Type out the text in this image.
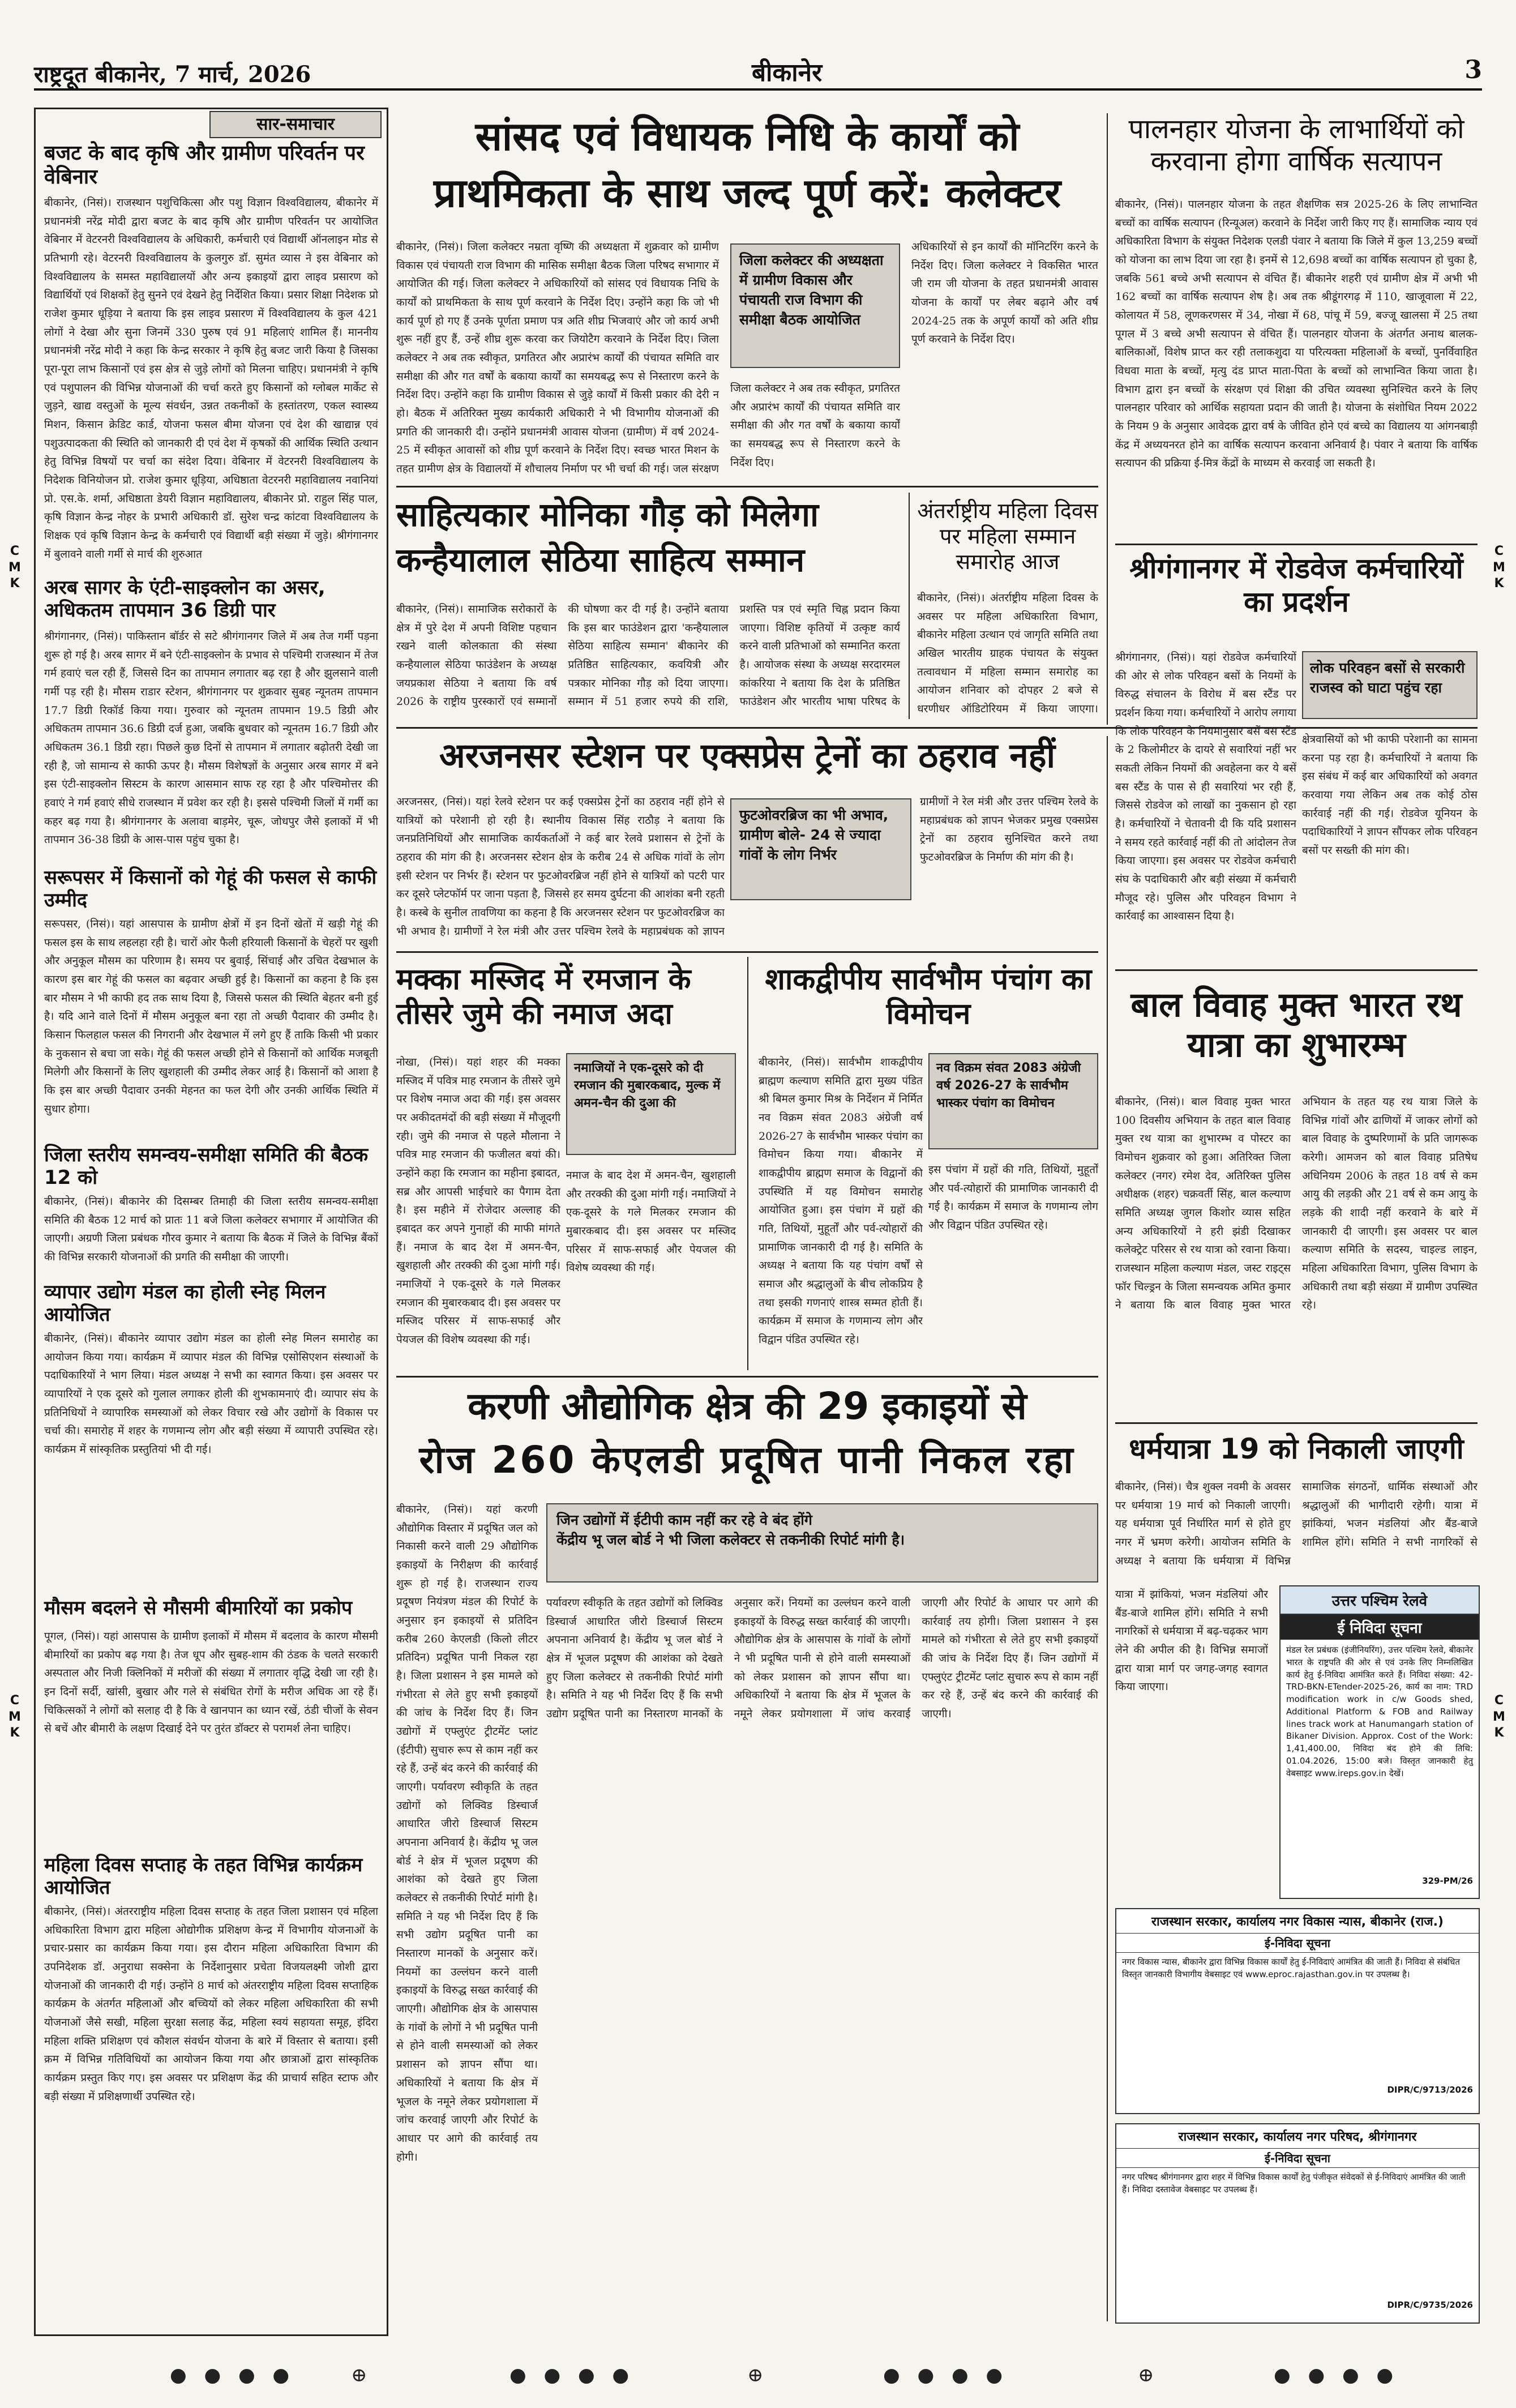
राष्ट्रदूत बीकानेर, 7 मार्च, 2026	बीकानेर	3
C
M
K
C
M
K
C
M
K
C
M
K
सार-समाचार
बजट के बाद कृषि और ग्रामीण परिवर्तन पर वेबिनार
बीकानेर, (निसं)। राजस्थान पशुचिकित्सा और पशु विज्ञान विश्वविद्यालय, बीकानेर में प्रधानमंत्री नरेंद्र मोदी द्वारा बजट के बाद कृषि और ग्रामीण परिवर्तन पर आयोजित वेबिनार में वेटरनरी विश्वविद्यालय के अधिकारी, कर्मचारी एवं विद्यार्थी ऑनलाइन मोड से प्रतिभागी रहे। वेटरनरी विश्वविद्यालय के कुलगुरु डॉ. सुमंत व्यास ने इस वेबिनार को विश्वविद्यालय के समस्त महाविद्यालयों और अन्य इकाइयों द्वारा लाइव प्रसारण को विद्यार्थियों एवं शिक्षकों हेतु सुनने एवं देखने हेतु निर्देशित किया। प्रसार शिक्षा निदेशक प्रो राजेश कुमार धूड़िया ने बताया कि इस लाइव प्रसारण में विश्वविद्यालय के कुल 421 लोगों ने देखा और सुना जिनमें 330 पुरुष एवं 91 महिलाएं शामिल हैं। माननीय प्रधानमंत्री नरेंद्र मोदी ने कहा कि केन्द्र सरकार ने कृषि हेतु बजट जारी किया है जिसका पूरा-पूरा लाभ किसानों एवं इस क्षेत्र से जुड़े लोगों को मिलना चाहिए। प्रधानमंत्री ने कृषि एवं पशुपालन की विभिन्न योजनाओं की चर्चा करते हुए किसानों को ग्लोबल मार्केट से जुड़ने, खाद्य वस्तुओं के मूल्य संवर्धन, उन्नत तकनीकों के हस्तांतरण, एकल स्वास्थ्य मिशन, किसान क्रेडिट कार्ड, योजना फसल बीमा योजना एवं देश की खाद्यान्न एवं पशुउत्पादकता की स्थिति को जानकारी दी एवं देश में कृषकों की आर्थिक स्थिति उत्थान हेतु विभिन्न विषयों पर चर्चा का संदेश दिया। वेबिनार में वेटरनरी विश्वविद्यालय के निदेशक विनियोजन प्रो. राजेश कुमार धूड़िया, अधिष्ठाता वेटरनरी महाविद्यालय नवानियां प्रो. एस.के. शर्मा, अधिष्ठाता डेयरी विज्ञान महाविद्यालय, बीकानेर प्रो. राहुल सिंह पाल, कृषि विज्ञान केन्द्र नोहर के प्रभारी अधिकारी डॉ. सुरेश चन्द्र कांटवा विश्वविद्यालय के शिक्षक एवं कृषि विज्ञान केन्द्र के कर्मचारी एवं विद्यार्थी बड़ी संख्या में जुड़े। श्रीगंगानगर में बुलावने वाली गर्मी से मार्च की शुरुआत
अरब सागर के एंटी-साइक्लोन का असर, अधिकतम तापमान 36 डिग्री पार
श्रीगंगानगर, (निसं)। पाकिस्तान बॉर्डर से सटे श्रीगंगानगर जिले में अब तेज गर्मी पड़ना शुरू हो गई है। अरब सागर में बने एंटी-साइक्लोन के प्रभाव से पश्चिमी राजस्थान में तेज गर्म हवाएं चल रही हैं, जिससे दिन का तापमान लगातार बढ़ रहा है और झुलसाने वाली गर्मी पड़ रही है। मौसम राडार स्टेशन, श्रीगंगानगर पर शुक्रवार सुबह न्यूनतम तापमान 17.7 डिग्री रिकॉर्ड किया गया। गुरुवार को न्यूनतम तापमान 19.5 डिग्री और अधिकतम तापमान 36.6 डिग्री दर्ज हुआ, जबकि बुधवार को न्यूनतम 16.7 डिग्री और अधिकतम 36.1 डिग्री रहा। पिछले कुछ दिनों से तापमान में लगातार बढ़ोतरी देखी जा रही है, जो सामान्य से काफी ऊपर है। मौसम विशेषज्ञों के अनुसार अरब सागर में बने इस एंटी-साइक्लोन सिस्टम के कारण आसमान साफ रह रहा है और पश्चिमोत्तर की हवाएं ने गर्म हवाएं सीधे राजस्थान में प्रवेश कर रही है। इससे पश्चिमी जिलों में गर्मी का कहर बढ़ गया है। श्रीगंगानगर के अलावा बाड़मेर, चूरू, जोधपुर जैसे इलाकों में भी तापमान 36-38 डिग्री के आस-पास पहुंच चुका है।
सरूपसर में किसानों को गेहूं की फसल से काफी उम्मीद
सरूपसर, (निसं)। यहां आसपास के ग्रामीण क्षेत्रों में इन दिनों खेतों में खड़ी गेहूं की फसल इस के साथ लहलहा रही है। चारों ओर फैली हरियाली किसानों के चेहरों पर खुशी और अनुकूल मौसम का परिणाम है। समय पर बुवाई, सिंचाई और उचित देखभाल के कारण इस बार गेहूं की फसल का बढ़वार अच्छी हुई है। किसानों का कहना है कि इस बार मौसम ने भी काफी हद तक साथ दिया है, जिससे फसल की स्थिति बेहतर बनी हुई है। यदि आने वाले दिनों में मौसम अनुकूल बना रहा तो अच्छी पैदावार की उम्मीद है। किसान फिलहाल फसल की निगरानी और देखभाल में लगे हुए हैं ताकि किसी भी प्रकार के नुकसान से बचा जा सके। गेहूं की फसल अच्छी होने से किसानों को आर्थिक मजबूती मिलेगी और किसानों के लिए खुशहाली की उम्मीद लेकर आई है। किसानों को आशा है कि इस बार अच्छी पैदावार उनकी मेहनत का फल देगी और उनकी आर्थिक स्थिति में सुधार होगा।
जिला स्तरीय समन्वय-समीक्षा समिति की बैठक 12 को
बीकानेर, (निसं)। बीकानेर की दिसम्बर तिमाही की जिला स्तरीय समन्वय-समीक्षा समिति की बैठक 12 मार्च को प्रातः 11 बजे जिला कलेक्टर सभागार में आयोजित की जाएगी। अग्रणी जिला प्रबंधक गौरव कुमार ने बताया कि बैठक में जिले के विभिन्न बैंकों की विभिन्न सरकारी योजनाओं की प्रगति की समीक्षा की जाएगी।
व्यापार उद्योग मंडल का होली स्नेह मिलन आयोजित
बीकानेर, (निसं)। बीकानेर व्यापार उद्योग मंडल का होली स्नेह मिलन समारोह का आयोजन किया गया। कार्यक्रम में व्यापार मंडल की विभिन्न एसोसिएशन संस्थाओं के पदाधिकारियों ने भाग लिया। मंडल अध्यक्ष ने सभी का स्वागत किया। इस अवसर पर व्यापारियों ने एक दूसरे को गुलाल लगाकर होली की शुभकामनाएं दी। व्यापार संघ के प्रतिनिधियों ने व्यापारिक समस्याओं को लेकर विचार रखे और उद्योगों के विकास पर चर्चा की। समारोह में शहर के गणमान्य लोग और बड़ी संख्या में व्यापारी उपस्थित रहे। कार्यक्रम में सांस्कृतिक प्रस्तुतियां भी दी गई।
मौसम बदलने से मौसमी बीमारियों का प्रकोप
पूगल, (निसं)। यहां आसपास के ग्रामीण इलाकों में मौसम में बदलाव के कारण मौसमी बीमारियों का प्रकोप बढ़ गया है। तेज धूप और सुबह-शाम की ठंडक के चलते सरकारी अस्पताल और निजी क्लिनिकों में मरीजों की संख्या में लगातार वृद्धि देखी जा रही है। इन दिनों सर्दी, खांसी, बुखार और गले से संबंधित रोगों के मरीज अधिक आ रहे हैं। चिकित्सकों ने लोगों को सलाह दी है कि वे खानपान का ध्यान रखें, ठंडी चीजों के सेवन से बचें और बीमारी के लक्षण दिखाई देने पर तुरंत डॉक्टर से परामर्श लेना चाहिए।
महिला दिवस सप्ताह के तहत विभिन्न कार्यक्रम आयोजित
बीकानेर, (निसं)। अंतरराष्ट्रीय महिला दिवस सप्ताह के तहत जिला प्रशासन एवं महिला अधिकारिता विभाग द्वारा महिला ओद्योगीक प्रशिक्षण केन्द्र में विभागीय योजनाओं के प्रचार-प्रसार का कार्यक्रम किया गया। इस दौरान महिला अधिकारिता विभाग की उपनिदेशक डॉ. अनुराधा सक्सेना के निर्देशानुसार प्रचेता विजयलक्ष्मी जोशी द्वारा योजनाओं की जानकारी दी गई। उन्होंने 8 मार्च को अंतरराष्ट्रीय महिला दिवस सप्ताहिक कार्यक्रम के अंतर्गत महिलाओं और बच्चियों को लेकर महिला अधिकारिता की सभी योजनाओं जैसे सखी, महिला सुरक्षा सलाह केंद्र, महिला स्वयं सहायता समूह, इंदिरा महिला शक्ति प्रशिक्षण एवं कौशल संवर्धन योजना के बारे में विस्तार से बताया। इसी क्रम में विभिन्न गतिविधियों का आयोजन किया गया और छात्राओं द्वारा सांस्कृतिक कार्यक्रम प्रस्तुत किए गए। इस अवसर पर प्रशिक्षण केंद्र की प्राचार्य सहित स्टाफ और बड़ी संख्या में प्रशिक्षणार्थी उपस्थित रहे।
सांसद एवं विधायक निधि के कार्यों को
प्राथमिकता के साथ जल्द पूर्ण करें: कलेक्टर
बीकानेर, (निसं)। जिला कलेक्टर नम्रता वृष्णि की अध्यक्षता में शुक्रवार को ग्रामीण विकास एवं पंचायती राज विभाग की मासिक समीक्षा बैठक जिला परिषद सभागार में आयोजित की गई। जिला कलेक्टर ने अधिकारियों को सांसद एवं विधायक निधि के कार्यों को प्राथमिकता के साथ पूर्ण करवाने के निर्देश दिए। उन्होंने कहा कि जो भी कार्य पूर्ण हो गए हैं उनके पूर्णता प्रमाण पत्र अति शीघ्र भिजवाएं और जो कार्य अभी शुरू नहीं हुए हैं, उन्हें शीघ्र शुरू करवा कर जियोटैग करवाने के निर्देश दिए। जिला कलेक्टर ने अब तक स्वीकृत, प्रगतिरत और अप्रारंभ कार्यों की पंचायत समिति वार समीक्षा की और गत वर्षों के बकाया कार्यों का समयबद्ध रूप से निस्तारण करने के निर्देश दिए। उन्होंने कहा कि ग्रामीण विकास से जुड़े कार्यों में किसी प्रकार की देरी न हो। बैठक में अतिरिक्त मुख्य कार्यकारी अधिकारी ने भी विभागीय योजनाओं की प्रगति की जानकारी दी। उन्होंने प्रधानमंत्री आवास योजना (ग्रामीण) में वर्ष 2024-25 में स्वीकृत आवासों को शीघ्र पूर्ण करवाने के निर्देश दिए। स्वच्छ भारत मिशन के तहत ग्रामीण क्षेत्र के विद्यालयों में शौचालय निर्माण पर भी चर्चा की गई। जल संरक्षण
जिला कलेक्टर की अध्यक्षता में ग्रामीण विकास और पंचायती राज विभाग की समीक्षा बैठक आयोजित
जिला कलेक्टर ने अब तक स्वीकृत, प्रगतिरत और अप्रारंभ कार्यों की पंचायत समिति वार समीक्षा की और गत वर्षों के बकाया कार्यों का समयबद्ध रूप से निस्तारण करने के निर्देश दिए।
अधिकारियों से इन कार्यों की मॉनिटरिंग करने के निर्देश दिए। जिला कलेक्टर ने विकसित भारत जी राम जी योजना के तहत प्रधानमंत्री आवास योजना के कार्यों पर लेबर बढ़ाने और वर्ष 2024-25 तक के अपूर्ण कार्यों को अति शीघ्र पूर्ण करवाने के निर्देश दिए।
पालनहार योजना के लाभार्थियों को करवाना होगा वार्षिक सत्यापन
बीकानेर, (निसं)। पालनहार योजना के तहत शैक्षणिक सत्र 2025-26 के लिए लाभान्वित बच्चों का वार्षिक सत्यापन (रिन्यूअल) करवाने के निर्देश जारी किए गए हैं। सामाजिक न्याय एवं अधिकारिता विभाग के संयुक्त निदेशक एलडी पंवार ने बताया कि जिले में कुल 13,259 बच्चों को योजना का लाभ दिया जा रहा है। इनमें से 12,698 बच्चों का वार्षिक सत्यापन हो चुका है, जबकि 561 बच्चे अभी सत्यापन से वंचित हैं। बीकानेर शहरी एवं ग्रामीण क्षेत्र में अभी भी 162 बच्चों का वार्षिक सत्यापन शेष है। अब तक श्रीडूंगरगढ़ में 110, खाजूवाला में 22, कोलायत में 58, लूणकरणसर में 34, नोखा में 68, पांचू में 59, बज्जू खालसा में 25 तथा पूगल में 3 बच्चे अभी सत्यापन से वंचित हैं। पालनहार योजना के अंतर्गत अनाथ बालक-बालिकाओं, विशेष प्राप्त कर रही तलाकशुदा या परित्यक्ता महिलाओं के बच्चों, पुनर्विवाहित विधवा माता के बच्चों, मृत्यु दंड प्राप्त माता-पिता के बच्चों को लाभान्वित किया जाता है। विभाग द्वारा इन बच्चों के संरक्षण एवं शिक्षा की उचित व्यवस्था सुनिश्चित करने के लिए पालनहार परिवार को आर्थिक सहायता प्रदान की जाती है। योजना के संशोधित नियम 2022 के नियम 9 के अनुसार आवेदक द्वारा वर्ष के जीवित होने एवं बच्चे का विद्यालय या आंगनबाड़ी केंद्र में अध्ययनरत होने का वार्षिक सत्यापन करवाना अनिवार्य है। पंवार ने बताया कि वार्षिक सत्यापन की प्रक्रिया ई-मित्र केंद्रों के माध्यम से करवाई जा सकती है।
साहित्यकार मोनिका गौड़ को मिलेगा
कन्हैयालाल सेठिया साहित्य सम्मान
बीकानेर, (निसं)। सामाजिक सरोकारों के क्षेत्र में पुरे देश में अपनी विशिष्ट पहचान रखने वाली कोलकाता की संस्था कन्हैयालाल सेठिया फाउंडेशन के अध्यक्ष जयप्रकाश सेठिया ने बताया कि वर्ष 2026 के राष्ट्रीय पुरस्कारों एवं सम्मानों की घोषणा कर दी गई है। उन्होंने बताया कि इस बार फाउंडेशन द्वारा 'कन्हैयालाल सेठिया साहित्य सम्मान' बीकानेर की प्रतिष्ठित साहित्यकार, कवयित्री और पत्रकार मोनिका गौड़ को दिया जाएगा। सम्मान में 51 हजार रुपये की राशि, प्रशस्ति पत्र एवं स्मृति चिह्न प्रदान किया जाएगा। विशिष्ट कृतियों में उत्कृष्ट कार्य करने वाली प्रतिभाओं को सम्मानित करता है। आयोजक संस्था के अध्यक्ष सरदारमल कांकरिया ने बताया कि देश के प्रतिष्ठित फाउंडेशन और भारतीय भाषा परिषद के
अंतर्राष्ट्रीय महिला दिवस पर महिला सम्मान समारोह आज
बीकानेर, (निसं)। अंतर्राष्ट्रीय महिला दिवस के अवसर पर महिला अधिकारिता विभाग, बीकानेर महिला उत्थान एवं जागृति समिति तथा अखिल भारतीय ग्राहक पंचायत के संयुक्त तत्वावधान में महिला सम्मान समारोह का आयोजन शनिवार को दोपहर 2 बजे से धरणीधर ऑडिटोरियम में किया जाएगा।
श्रीगंगानगर में रोडवेज कर्मचारियों का प्रदर्शन
श्रीगंगानगर, (निसं)। यहां रोडवेज कर्मचारियों की ओर से लोक परिवहन बसों के नियमों के विरुद्ध संचालन के विरोध में बस स्टैंड पर प्रदर्शन किया गया। कर्मचारियों ने आरोप लगाया कि लोक परिवहन के नियमानुसार बसें बस स्टैंड के 2 किलोमीटर के दायरे से सवारियां नहीं भर सकती लेकिन नियमों की अवहेलना कर ये बसें बस स्टैंड के पास से ही सवारियां भर रही हैं, जिससे रोडवेज को लाखों का नुकसान हो रहा है। कर्मचारियों ने चेतावनी दी कि यदि प्रशासन ने समय रहते कार्रवाई नहीं की तो आंदोलन तेज किया जाएगा। इस अवसर पर रोडवेज कर्मचारी संघ के पदाधिकारी और बड़ी संख्या में कर्मचारी मौजूद रहे। पुलिस और परिवहन विभाग ने कार्रवाई का आश्वासन दिया है।
लोक परिवहन बसों से सरकारी राजस्व को घाटा पहुंच रहा
क्षेत्रवासियों को भी काफी परेशानी का सामना करना पड़ रहा है। कर्मचारियों ने बताया कि इस संबंध में कई बार अधिकारियों को अवगत करवाया गया लेकिन अब तक कोई ठोस कार्रवाई नहीं की गई। रोडवेज यूनियन के पदाधिकारियों ने ज्ञापन सौंपकर लोक परिवहन बसों पर सख्ती की मांग की।
अरजनसर स्टेशन पर एक्सप्रेस ट्रेनों का ठहराव नहीं
अरजनसर, (निसं)। यहां रेलवे स्टेशन पर कई एक्सप्रेस ट्रेनों का ठहराव नहीं होने से यात्रियों को परेशानी हो रही है। स्थानीय विकास सिंह राठौड़ ने बताया कि जनप्रतिनिधियों और सामाजिक कार्यकर्ताओं ने कई बार रेलवे प्रशासन से ट्रेनों के ठहराव की मांग की है। अरजनसर स्टेशन क्षेत्र के करीब 24 से अधिक गांवों के लोग इसी स्टेशन पर निर्भर हैं। स्टेशन पर फुटओवरब्रिज नहीं होने से यात्रियों को पटरी पार कर दूसरे प्लेटफॉर्म पर जाना पड़ता है, जिससे हर समय दुर्घटना की आशंका बनी रहती है। कस्बे के सुनील तावणिया का कहना है कि अरजनसर स्टेशन पर फुटओवरब्रिज का भी अभाव है। ग्रामीणों ने रेल मंत्री और उत्तर पश्चिम रेलवे के महाप्रबंधक को ज्ञापन
फुटओवरब्रिज का भी अभाव, ग्रामीण बोले- 24 से ज्यादा गांवों के लोग निर्भर
ग्रामीणों ने रेल मंत्री और उत्तर पश्चिम रेलवे के महाप्रबंधक को ज्ञापन भेजकर प्रमुख एक्सप्रेस ट्रेनों का ठहराव सुनिश्चित करने तथा फुटओवरब्रिज के निर्माण की मांग की है।
बाल विवाह मुक्त भारत रथ यात्रा का शुभारम्भ
बीकानेर, (निसं)। बाल विवाह मुक्त भारत 100 दिवसीय अभियान के तहत बाल विवाह मुक्त रथ यात्रा का शुभारम्भ व पोस्टर का विमोचन शुक्रवार को हुआ। अतिरिक्त जिला कलेक्टर (नगर) रमेश देव, अतिरिक्त पुलिस अधीक्षक (शहर) चक्रवर्ती सिंह, बाल कल्याण समिति अध्यक्ष जुगल किशोर व्यास सहित अन्य अधिकारियों ने हरी झंडी दिखाकर कलेक्ट्रेट परिसर से रथ यात्रा को रवाना किया। राजस्थान महिला कल्याण मंडल, जस्ट राइट्स फॉर चिल्ड्रन के जिला समन्वयक अमित कुमार ने बताया कि बाल विवाह मुक्त भारत अभियान के तहत यह रथ यात्रा जिले के विभिन्न गांवों और ढाणियों में जाकर लोगों को बाल विवाह के दुष्परिणामों के प्रति जागरूक करेगी। आमजन को बाल विवाह प्रतिषेध अधिनियम 2006 के तहत 18 वर्ष से कम आयु की लड़की और 21 वर्ष से कम आयु के लड़के की शादी नहीं करवाने के बारे में जानकारी दी जाएगी। इस अवसर पर बाल कल्याण समिति के सदस्य, चाइल्ड लाइन, महिला अधिकारिता विभाग, पुलिस विभाग के अधिकारी तथा बड़ी संख्या में ग्रामीण उपस्थित रहे।
मक्का मस्जिद में रमजान के तीसरे जुमे की नमाज अदा
नोखा, (निसं)। यहां शहर की मक्का मस्जिद में पवित्र माह रमजान के तीसरे जुमे पर विशेष नमाज अदा की गई। इस अवसर पर अकीदतमंदों की बड़ी संख्या में मौजूदगी रही। जुमे की नमाज से पहले मौलाना ने पवित्र माह रमजान की फजीलत बयां की। उन्होंने कहा कि रमजान का महीना इबादत, सब्र और आपसी भाईचारे का पैगाम देता है। इस महीने में रोजेदार अल्लाह की इबादत कर अपने गुनाहों की माफी मांगते हैं। नमाज के बाद देश में अमन-चैन, खुशहाली और तरक्की की दुआ मांगी गई। नमाजियों ने एक-दूसरे के गले मिलकर रमजान की मुबारकबाद दी। इस अवसर पर मस्जिद परिसर में साफ-सफाई और पेयजल की विशेष व्यवस्था की गई।
नमाजियों ने एक-दूसरे को दी रमजान की मुबारकबाद, मुल्क में अमन-चैन की दुआ की
नमाज के बाद देश में अमन-चैन, खुशहाली और तरक्की की दुआ मांगी गई। नमाजियों ने एक-दूसरे के गले मिलकर रमजान की मुबारकबाद दी। इस अवसर पर मस्जिद परिसर में साफ-सफाई और पेयजल की विशेष व्यवस्था की गई।
शाकद्वीपीय सार्वभौम पंचांग का विमोचन
बीकानेर, (निसं)। सार्वभौम शाकद्वीपीय ब्राह्मण कल्याण समिति द्वारा मुख्य पंडित श्री बिमल कुमार मिश्र के निर्देशन में निर्मित नव विक्रम संवत 2083 अंग्रेजी वर्ष 2026-27 के सार्वभौम भास्कर पंचांग का विमोचन किया गया। बीकानेर में शाकद्वीपीय ब्राह्मण समाज के विद्वानों की उपस्थिति में यह विमोचन समारोह आयोजित हुआ। इस पंचांग में ग्रहों की गति, तिथियों, मुहूर्तों और पर्व-त्योहारों की प्रामाणिक जानकारी दी गई है। समिति के अध्यक्ष ने बताया कि यह पंचांग वर्षों से समाज और श्रद्धालुओं के बीच लोकप्रिय है तथा इसकी गणनाएं शास्त्र सम्मत होती हैं। कार्यक्रम में समाज के गणमान्य लोग और विद्वान पंडित उपस्थित रहे।
नव विक्रम संवत 2083 अंग्रेजी वर्ष 2026-27 के सार्वभौम भास्कर पंचांग का विमोचन
इस पंचांग में ग्रहों की गति, तिथियों, मुहूर्तों और पर्व-त्योहारों की प्रामाणिक जानकारी दी गई है। कार्यक्रम में समाज के गणमान्य लोग और विद्वान पंडित उपस्थित रहे।
धर्मयात्रा 19 को निकाली जाएगी
बीकानेर, (निसं)। चैत्र शुक्ल नवमी के अवसर पर धर्मयात्रा 19 मार्च को निकाली जाएगी। यह धर्मयात्रा पूर्व निर्धारित मार्ग से होते हुए नगर में भ्रमण करेगी। आयोजन समिति के अध्यक्ष ने बताया कि धर्मयात्रा में विभिन्न सामाजिक संगठनों, धार्मिक संस्थाओं और श्रद्धालुओं की भागीदारी रहेगी। यात्रा में झांकियां, भजन मंडलियां और बैंड-बाजे शामिल होंगे। समिति ने सभी नागरिकों से
करणी औद्योगिक क्षेत्र की 29 इकाइयों से
रोज 260 केएलडी प्रदूषित पानी निकल रहा
बीकानेर, (निसं)। यहां करणी औद्योगिक विस्तार में प्रदूषित जल को निकासी करने वाली 29 औद्योगिक इकाइयों के निरीक्षण की कार्रवाई शुरू हो गई है। राजस्थान राज्य प्रदूषण नियंत्रण मंडल की रिपोर्ट के अनुसार इन इकाइयों से प्रतिदिन करीब 260 केएलडी (किलो लीटर प्रतिदिन) प्रदूषित पानी निकल रहा है। जिला प्रशासन ने इस मामले को गंभीरता से लेते हुए सभी इकाइयों की जांच के निर्देश दिए हैं। जिन उद्योगों में एफ्लुएंट ट्रीटमेंट प्लांट (ईटीपी) सुचारु रूप से काम नहीं कर रहे हैं, उन्हें बंद करने की कार्रवाई की जाएगी। पर्यावरण स्वीकृति के तहत उद्योगों को लिक्विड डिस्चार्ज आधारित जीरो डिस्चार्ज सिस्टम अपनाना अनिवार्य है। केंद्रीय भू जल बोर्ड ने क्षेत्र में भूजल प्रदूषण की आशंका को देखते हुए जिला कलेक्टर से तकनीकी रिपोर्ट मांगी है। समिति ने यह भी निर्देश दिए हैं कि सभी उद्योग प्रदूषित पानी का निस्तारण मानकों के अनुसार करें। नियमों का उल्लंघन करने वाली इकाइयों के विरुद्ध सख्त कार्रवाई की जाएगी। औद्योगिक क्षेत्र के आसपास के गांवों के लोगों ने भी प्रदूषित पानी से होने वाली समस्याओं को लेकर प्रशासन को ज्ञापन सौंपा था। अधिकारियों ने बताया कि क्षेत्र में भूजल के नमूने लेकर प्रयोगशाला में जांच करवाई जाएगी और रिपोर्ट के आधार पर आगे की कार्रवाई तय होगी।
जिन उद्योगों में ईटीपी काम नहीं कर रहे वे बंद होंगे
केंद्रीय भू जल बोर्ड ने भी जिला कलेक्टर से तकनीकी रिपोर्ट मांगी है।
पर्यावरण स्वीकृति के तहत उद्योगों को लिक्विड डिस्चार्ज आधारित जीरो डिस्चार्ज सिस्टम अपनाना अनिवार्य है। केंद्रीय भू जल बोर्ड ने क्षेत्र में भूजल प्रदूषण की आशंका को देखते हुए जिला कलेक्टर से तकनीकी रिपोर्ट मांगी है। समिति ने यह भी निर्देश दिए हैं कि सभी उद्योग प्रदूषित पानी का निस्तारण मानकों के अनुसार करें। नियमों का उल्लंघन करने वाली इकाइयों के विरुद्ध सख्त कार्रवाई की जाएगी। औद्योगिक क्षेत्र के आसपास के गांवों के लोगों ने भी प्रदूषित पानी से होने वाली समस्याओं को लेकर प्रशासन को ज्ञापन सौंपा था। अधिकारियों ने बताया कि क्षेत्र में भूजल के नमूने लेकर प्रयोगशाला में जांच करवाई जाएगी और रिपोर्ट के आधार पर आगे की कार्रवाई तय होगी। जिला प्रशासन ने इस मामले को गंभीरता से लेते हुए सभी इकाइयों की जांच के निर्देश दिए हैं। जिन उद्योगों में एफ्लुएंट ट्रीटमेंट प्लांट सुचारु रूप से काम नहीं कर रहे हैं, उन्हें बंद करने की कार्रवाई की जाएगी।
उत्तर पश्चिम रेलवे
ई निविदा सूचना
मंडल रेल प्रबंधक (इंजीनियरिंग), उत्तर पश्चिम रेलवे, बीकानेर भारत के राष्ट्रपति की ओर से एवं उनके लिए निम्नलिखित कार्य हेतु ई-निविदा आमंत्रित करते हैं। निविदा संख्या: 42-TRD-BKN-ETender-2025-26, कार्य का नाम: TRD modification work in c/w Goods shed, Additional Platform & FOB and Railway lines track work at Hanumangarh station of Bikaner Division. Approx. Cost of the Work: 1,41,400.00, निविदा बंद होने की तिथि: 01.04.2026, 15:00 बजे। विस्तृत जानकारी हेतु वेबसाइट www.ireps.gov.in देखें।
329-PM/26
यात्रा में झांकियां, भजन मंडलियां और बैंड-बाजे शामिल होंगे। समिति ने सभी नागरिकों से धर्मयात्रा में बढ़-चढ़कर भाग लेने की अपील की है। विभिन्न समाजों द्वारा यात्रा मार्ग पर जगह-जगह स्वागत किया जाएगा।
राजस्थान सरकार, कार्यालय नगर विकास न्यास, बीकानेर (राज.)
ई-निविदा सूचना
नगर विकास न्यास, बीकानेर द्वारा विभिन्न विकास कार्यों हेतु ई-निविदाएं आमंत्रित की जाती हैं। निविदा से संबंधित विस्तृत जानकारी विभागीय वेबसाइट एवं www.eproc.rajasthan.gov.in पर उपलब्ध है।
DIPR/C/9713/2026
राजस्थान सरकार, कार्यालय नगर परिषद, श्रीगंगानगर
ई-निविदा सूचना
नगर परिषद श्रीगंगानगर द्वारा शहर में विभिन्न विकास कार्यों हेतु पंजीकृत संवेदकों से ई-निविदाएं आमंत्रित की जाती हैं। निविदा दस्तावेज वेबसाइट पर उपलब्ध हैं।
DIPR/C/9735/2026
● ● ● ●	⊕	● ● ● ●	⊕	● ● ● ●	⊕	● ● ● ●
